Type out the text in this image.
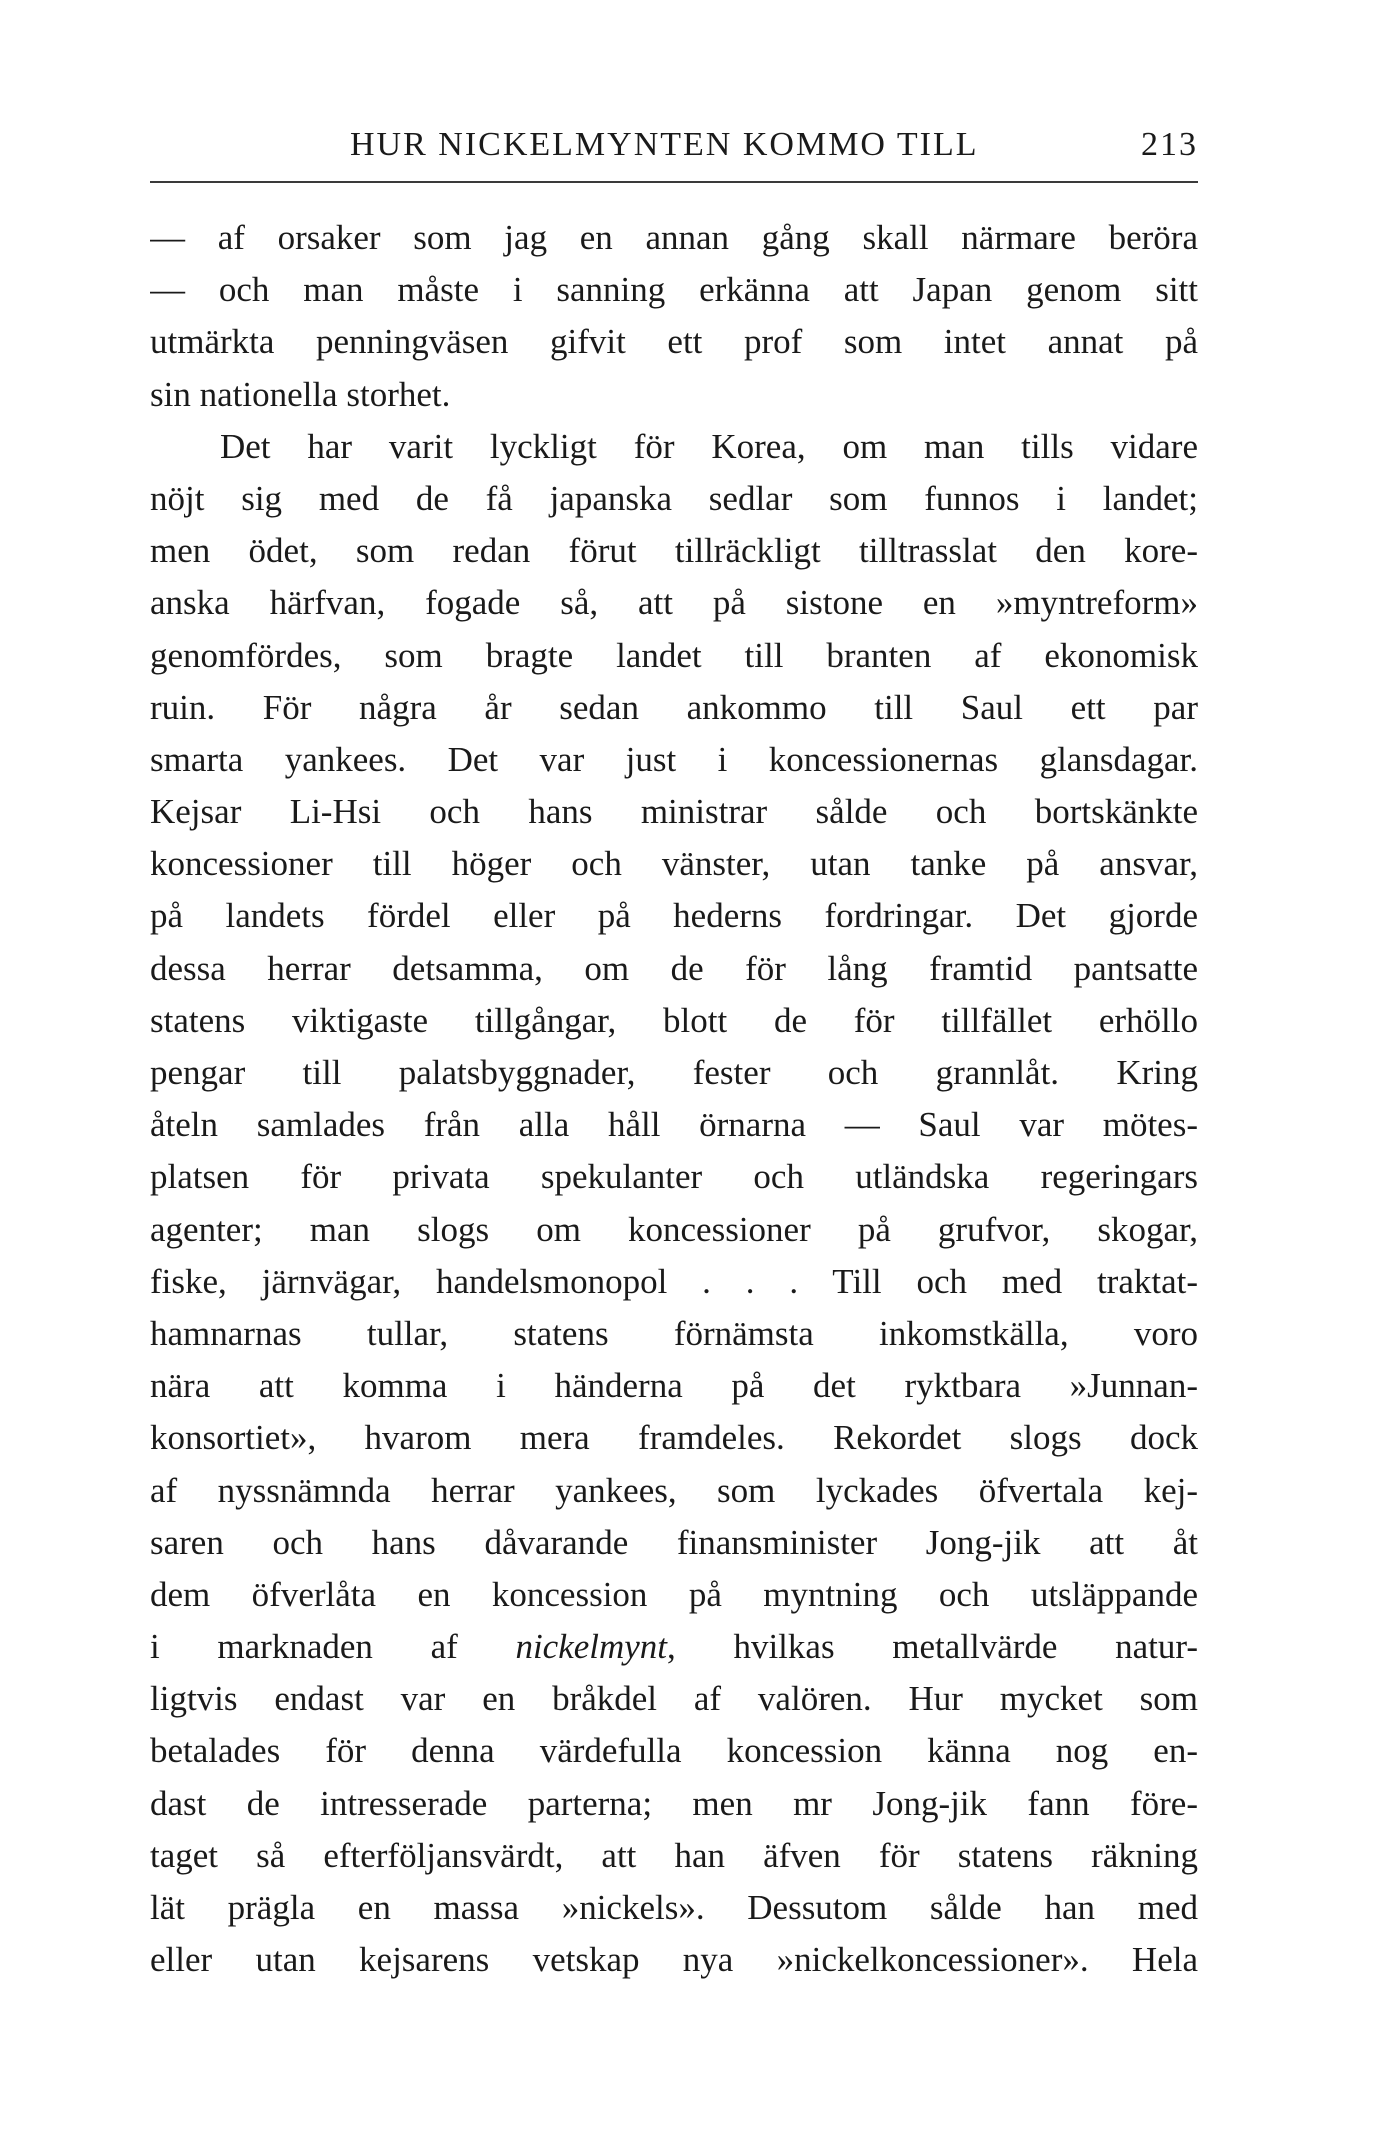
HUR NICKELMYNTEN KOMMO TILL	213
— af orsaker som jag en annan gång skall närmare beröra
— och man måste i sanning erkänna att Japan genom sitt
utmärkta penningväsen gifvit ett prof som intet annat på
sin nationella storhet.
Det har varit lyckligt för Korea, om man tills vidare
nöjt sig med de få japanska sedlar som funnos i landet;
men ödet, som redan förut tillräckligt tilltrasslat den kore-
anska härfvan, fogade så, att på sistone en »myntreform»
genomfördes, som bragte landet till branten af ekonomisk
ruin. För några år sedan ankommo till Saul ett par
smarta yankees. Det var just i koncessionernas glansdagar.
Kejsar Li-Hsi och hans ministrar sålde och bortskänkte
koncessioner till höger och vänster, utan tanke på ansvar,
på landets fördel eller på hederns fordringar. Det gjorde
dessa herrar detsamma, om de för lång framtid pantsatte
statens viktigaste tillgångar, blott de för tillfället erhöllo
pengar till palatsbyggnader, fester och grannlåt. Kring
åteln samlades från alla håll örnarna — Saul var mötes-
platsen för privata spekulanter och utländska regeringars
agenter; man slogs om koncessioner på grufvor, skogar,
fiske, järnvägar, handelsmonopol . . . Till och med traktat-
hamnarnas tullar, statens förnämsta inkomstkälla, voro
nära att komma i händerna på det ryktbara »Junnan-
konsortiet», hvarom mera framdeles. Rekordet slogs dock
af nyssnämnda herrar yankees, som lyckades öfvertala kej-
saren och hans dåvarande finansminister Jong-jik att åt
dem öfverlåta en koncession på myntning och utsläppande
i marknaden af nickelmynt, hvilkas metallvärde natur-
ligtvis endast var en bråkdel af valören. Hur mycket som
betalades för denna värdefulla koncession känna nog en-
dast de intresserade parterna; men mr Jong-jik fann före-
taget så efterföljansvärdt, att han äfven för statens räkning
lät prägla en massa »nickels». Dessutom sålde han med
eller utan kejsarens vetskap nya »nickelkoncessioner». Hela
